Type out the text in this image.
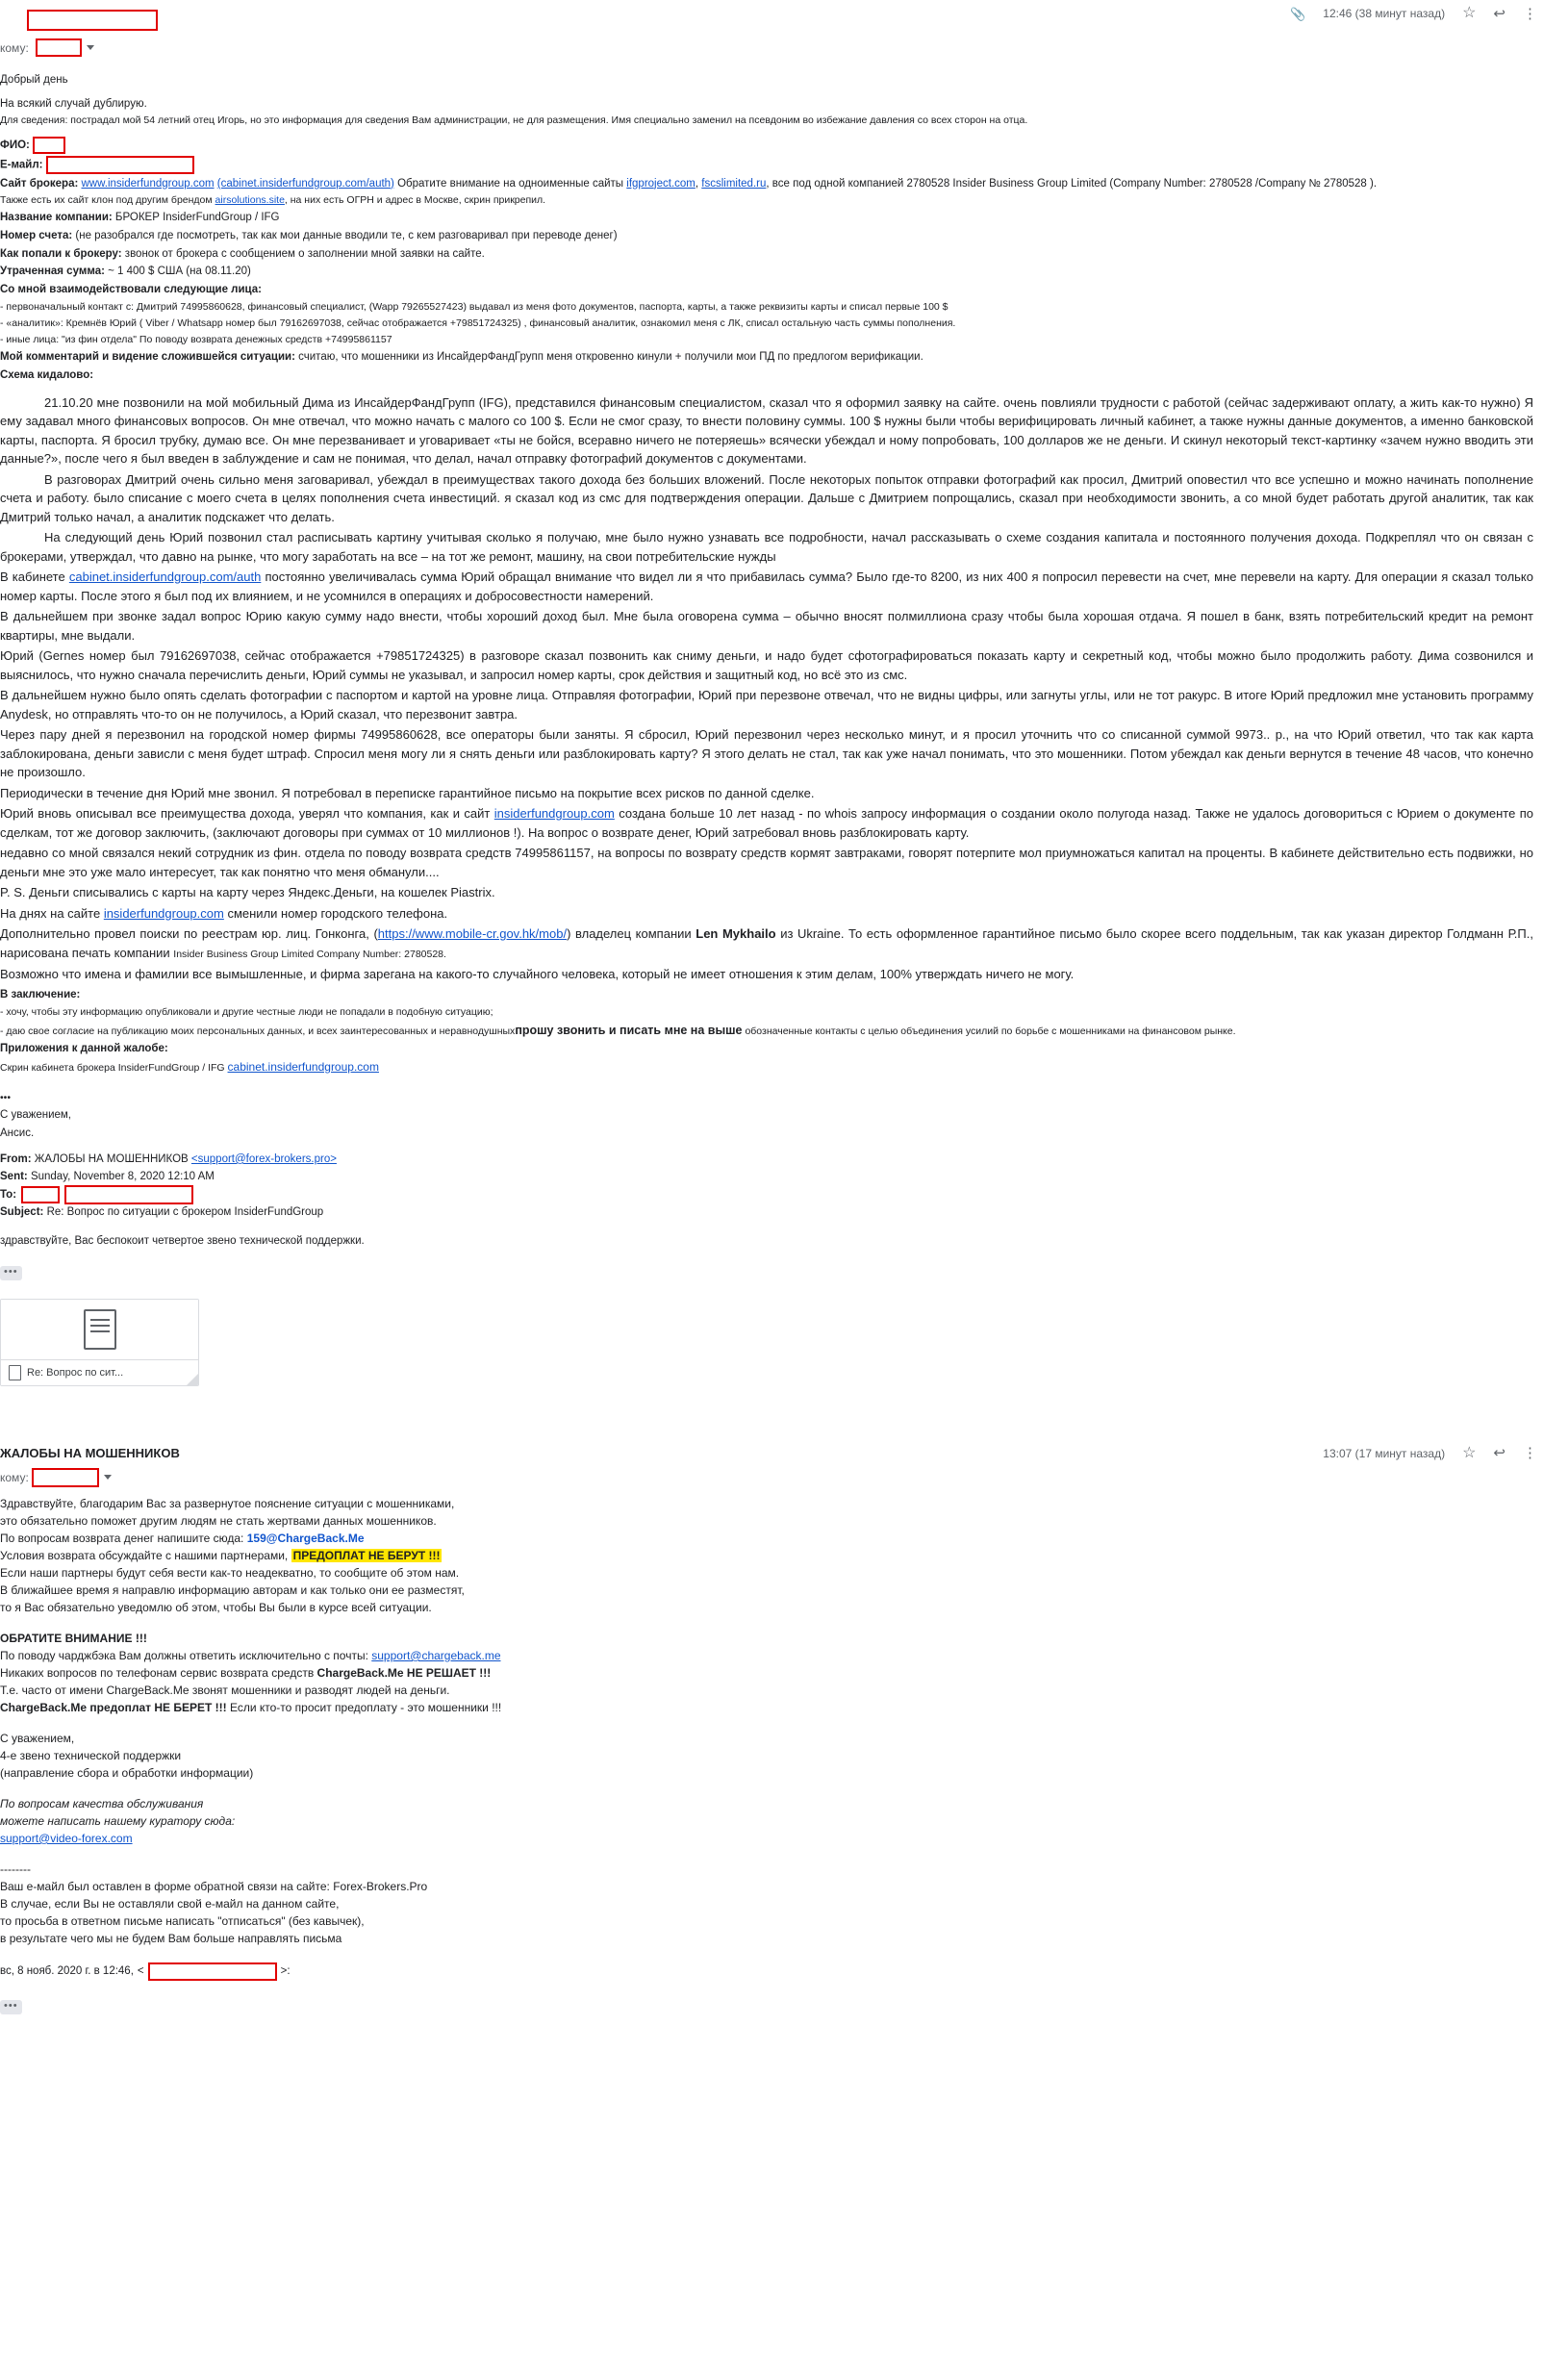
кому:
📎 12:46 (38 минут назад) ☆ ↩ ⋮

Добрый день

На всякий случай дублирую.

Для сведения: пострадал мой 54 летний отец Игорь, но это информация для сведения Вам администрации, не для размещения. Имя специально заменил на псевдоним во избежание давления со всех сторон на отца.

ФИО:

Е-майл:

Сайт брокера: www.insiderfundgroup.com (cabinet.insiderfundgroup.com/auth) Обратите внимание на одноименные сайты ifgproject.com, fscslimited.ru, все под одной компанией 2780528 Insider Business Group Limited (Company Number: 2780528 /Company № 2780528 ).

Также есть их сайт клон под другим брендом airsolutions.site, на них есть ОГРН и адрес в Москве, скрин прикрепил.

Название компании: БРОКЕР InsiderFundGroup / IFG

Номер счета: (не разобрался где посмотреть, так как мои данные вводили те, с кем разговаривал при переводе денег)

Как попали к брокеру: звонок от брокера с сообщением о заполнении мной заявки на сайте.

Утраченная сумма: ~ 1 400 $ США (на 08.11.20)

Со мной взаимодействовали следующие лица:

- первоначальный контакт с: Дмитрий 74995860628, финансовый специалист, (Wapp 79265527423) выдавал из меня фото документов, паспорта, карты, а также реквизиты карты и списал первые 100 $

- «аналитик»: Кремнёв Юрий ( Viber / Whatsapp номер был 79162697038, сейчас отображается +79851724325) , финансовый аналитик, ознакомил меня с ЛК, списал остальную часть суммы пополнения.

- иные лица: "из фин отдела" По поводу возврата денежных средств +74995861157

Мой комментарий и видение сложившейся ситуации: считаю, что мошенники из ИнсайдерФандГрупп меня откровенно кинули + получили мои ПД по предлогом верификации.

Схема кидалово:

21.10.20 мне позвонили на мой мобильный Дима из ИнсайдерФандГрупп (IFG), представился финансовым специалистом, сказал что я оформил заявку на сайте. очень повлияли трудности с работой (сейчас задерживают оплату, а жить как-то нужно) Я ему задавал много финансовых вопросов. Он мне отвечал, что можно начать с малого со 100 $. Если не смог сразу, то внести половину суммы. 100 $ нужны были чтобы верифицировать личный кабинет, а также нужны данные документов, а именно банковской карты, паспорта. Я бросил трубку, думаю все. Он мне перезванивает и уговаривает «ты не бойся, всеравно ничего не потеряешь» всячески убеждал и ному попробовать, 100 долларов же не деньги. И скинул некоторый текст-картинку «зачем нужно вводить эти данные?», после чего я был введен в заблуждение и сам не понимая, что делал, начал отправку фотографий документов с документами.

В разговорах Дмитрий очень сильно меня заговаривал, убеждал в преимуществах такого дохода без больших вложений. После некоторых попыток отправки фотографий как просил, Дмитрий оповестил что все успешно и можно начинать пополнение счета и работу. было списание с моего счета в целях пополнения счета инвестиций. я сказал код из смс для подтверждения операции. Дальше с Дмитрием попрощались, сказал при необходимости звонить, а со мной будет работать другой аналитик, так как Дмитрий только начал, а аналитик подскажет что делать.

На следующий день Юрий позвонил стал расписывать картину учитывая сколько я получаю, мне было нужно узнавать все подробности, начал рассказывать о схеме создания капитала и постоянного получения дохода. Подкреплял что он связан с брокерами, утверждал, что давно на рынке, что могу заработать на все – на тот же ремонт, машину, на свои потребительские нужды

В кабинете cabinet.insiderfundgroup.com/auth постоянно увеличивалась сумма Юрий обращал внимание что видел ли я что прибавилась сумма? Было где-то 8200, из них 400 я попросил перевести на счет, мне перевели на карту. Для операции я сказал только номер карты. После этого я был под их влиянием, и не усомнился в операциях и добросовестности намерений.

В дальнейшем при звонке задал вопрос Юрию какую сумму надо внести, чтобы хороший доход был. Мне была оговорена сумма – обычно вносят полмиллиона сразу чтобы была хорошая отдача. Я пошел в банк, взять потребительский кредит на ремонт квартиры, мне выдали.

Юрий (Gernes номер был 79162697038, сейчас отображается +79851724325) в разговоре сказал позвонить как сниму деньги, и надо будет сфотографироваться показать карту и секретный код, чтобы можно было продолжить работу. Дима созвонился и выяснилось, что нужно сначала перечислить деньги, Юрий суммы не указывал, и запросил номер карты, срок действия и защитный код, но всё это из смс.

В дальнейшем нужно было опять сделать фотографии с паспортом и картой на уровне лица. Отправляя фотографии, Юрий при перезвоне отвечал, что не видны цифры, или загнуты углы, или не тот ракурс. В итоге Юрий предложил мне установить программу Anydesk, но отправлять что-то он не получилось, а Юрий сказал, что перезвонит завтра.

Через пару дней я перезвонил на городской номер фирмы 74995860628, все операторы были заняты. Я сбросил, Юрий перезвонил через несколько минут, и я просил уточнить что со списанной суммой 9973.. р., на что Юрий ответил, что так как карта заблокирована, деньги зависли с меня будет штраф. Спросил меня могу ли я снять деньги или разблокировать карту? Я этого делать не стал, так как уже начал понимать, что это мошенники. Потом убеждал как деньги вернутся в течение 48 часов, что конечно не произошло.

Периодически в течение дня Юрий мне звонил. Я потребовал в переписке гарантийное письмо на покрытие всех рисков по данной сделке.

Юрий вновь описывал все преимущества дохода, уверял что компания, как и сайт insiderfundgroup.com создана больше 10 лет назад - по whois запросу информация о создании около полугода назад. Также не удалось договориться с Юрием о документе по сделкам, тот же договор заключить, (заключают договоры при суммах от 10 миллионов !). На вопрос о возврате денег, Юрий затребовал вновь разблокировать карту.

недавно со мной связался некий сотрудник из фин. отдела по поводу возврата средств 74995861157, на вопросы по возврату средств кормят завтраками, говорят потерпите мол приумножаться капитал на проценты. В кабинете действительно есть подвижки, но деньги мне это уже мало интересует, так как понятно что меня обманули....

P. S. Деньги списывались с карты на карту через Яндекс.Деньги, на кошелек Piastrix.

На днях на сайте insiderfundgroup.com сменили номер городского телефона.

Дополнительно провел поиски по реестрам юр. лиц. Гонконга, (https://www.mobile-cr.gov.hk/mob/) владелец компании Len Mykhailo из Ukraine. То есть оформленное гарантийное письмо было скорее всего поддельным, так как указан директор Голдманн Р.П., нарисована печать компании Insider Business Group Limited Company Number: 2780528.

Возможно что имена и фамилии все вымышленные, и фирма зарегана на какого-то случайного человека, который не имеет отношения к этим делам, 100% утверждать ничего не могу.

В заключение:

- хочу, чтобы эту информацию опубликовали и другие честные люди не попадали в подобную ситуацию;

- даю свое согласие на публикацию моих персональных данных, и всех заинтересованных и неравнодушныхпрошу звонить и писать мне на выше обозначенные контакты с целью объединения усилий по борьбе с мошенниками на финансовом рынке.

Приложения к данной жалобе:

Скрин кабинета брокера InsiderFundGroup / IFG cabinet.insiderfundgroup.com

•••

С уважением,

Ансис.

From: ЖАЛОБЫ НА МОШЕННИКОВ <support@forex-brokers.pro>
Sent: Sunday, November 8, 2020 12:10 AM
To:
Subject: Re: Вопрос по ситуации с брокером InsiderFundGroup
здравствуйте, Вас беспокоит четвертое звено технической поддержки.
•••
Re: Вопрос по сит...
13:07 (17 минут назад) ☆ ↩ ⋮
ЖАЛОБЫ НА МОШЕННИКОВ
кому:

Здравствуйте, благодарим Вас за развернутое пояснение ситуации с мошенниками,

это обязательно поможет другим людям не стать жертвами данных мошенников.

По вопросам возврата денег напишите сюда: 159@ChargeBack.Me

Условия возврата обсуждайте с нашими партнерами, ПРЕДОПЛАТ НЕ БЕРУТ !!!

Если наши партнеры будут себя вести как-то неадекватно, то сообщите об этом нам.

В ближайшее время я направлю информацию авторам и как только они ее разместят,

то я Вас обязательно уведомлю об этом, чтобы Вы были в курсе всей ситуации.

ОБРАТИТЕ ВНИМАНИЕ !!!

По поводу чарджбэка Вам должны ответить исключительно с почты: support@chargeback.me

Никаких вопросов по телефонам сервис возврата средств ChargeBack.Me НЕ РЕШАЕТ !!!

Т.е. часто от имени ChargeBack.Me звонят мошенники и разводят людей на деньги.

ChargeBack.Me предоплат НЕ БЕРЕТ !!! Если кто-то просит предоплату - это мошенники !!!

С уважением,

4-е звено технической поддержки

(направление сбора и обработки информации)

По вопросам качества обслуживания

можете написать нашему куратору сюда:

support@video-forex.com

--------

Ваш е-майл был оставлен в форме обратной связи на сайте: Forex-Brokers.Pro

В случае, если Вы не оставляли свой е-майл на данном сайте,

то просьба в ответном письме написать "отписаться" (без кавычек),

в результате чего мы не будем Вам больше направлять письма

вс, 8 нояб. 2020 г. в 12:46, <	>:
•••
